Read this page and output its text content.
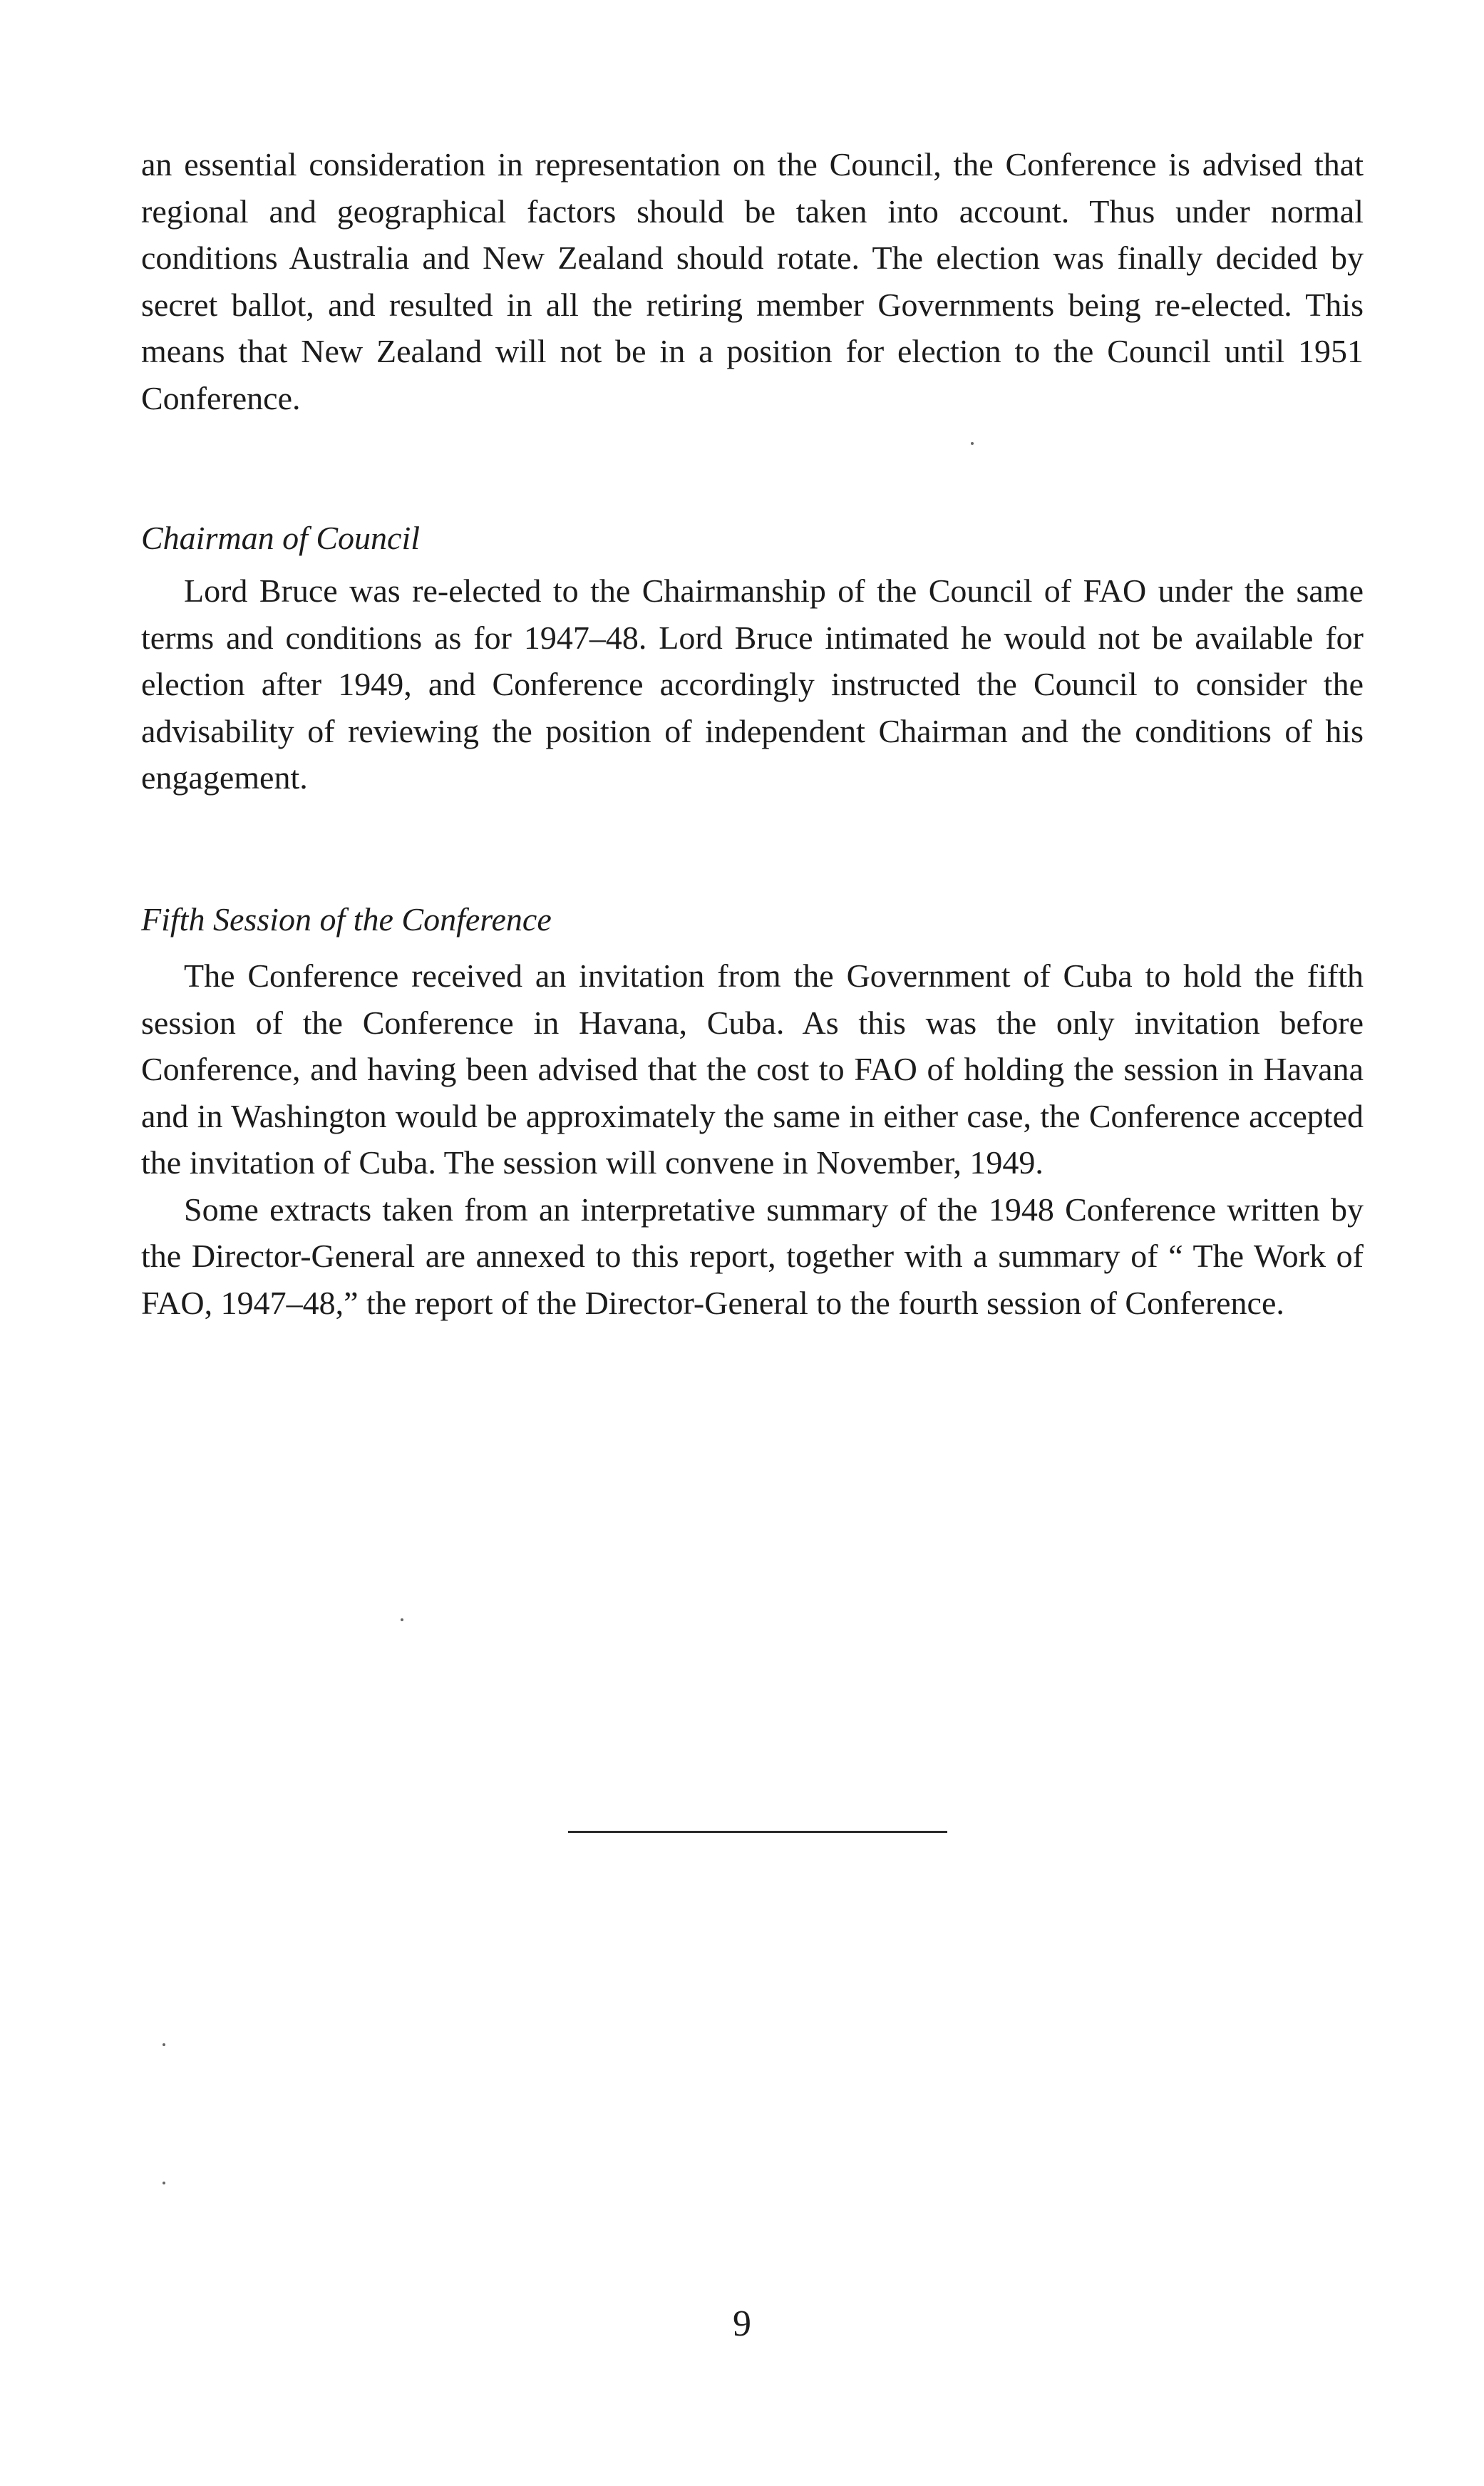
an essential consideration in representation on the Council, the Conference is advised that regional and geographical factors should be taken into account. Thus under normal conditions Australia and New Zealand should rotate. The election was finally decided by secret ballot, and resulted in all the retiring member Governments being re-elected. This means that New Zealand will not be in a position for election to the Council until 1951 Conference.

Chairman of Council

Lord Bruce was re-elected to the Chairmanship of the Council of FAO under the same terms and conditions as for 1947–48. Lord Bruce intimated he would not be available for election after 1949, and Conference accordingly instructed the Council to consider the advisability of reviewing the position of independent Chairman and the conditions of his engagement.

Fifth Session of the Conference

The Conference received an invitation from the Government of Cuba to hold the fifth session of the Conference in Havana, Cuba. As this was the only invitation before Conference, and having been advised that the cost to FAO of holding the session in Havana and in Washington would be approximately the same in either case, the Conference accepted the invitation of Cuba. The session will convene in November, 1949.

Some extracts taken from an interpretative summary of the 1948 Conference written by the Director-General are annexed to this report, together with a summary of “ The Work of FAO, 1947–48,” the report of the Director-General to the fourth session of Conference.

9
